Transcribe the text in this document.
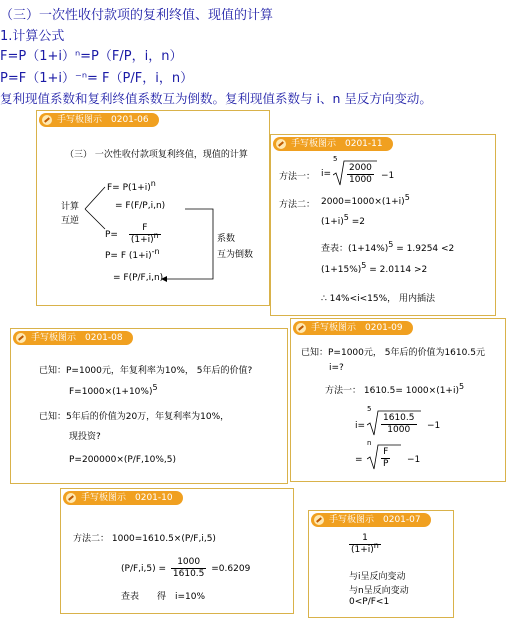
（三）一次性收付款项的复利终值、现值的计算
1.计算公式
F=P（1+i）ⁿ=P（F/P，i，n）
P=F（1+i）⁻ⁿ= F（P/F，i，n）
复利现值系数和复利终值系数互为倒数。复利现值系数与 i、n 呈反方向变动。
手写板图示　0201-06
（三） 一次性收付款项复利终值，现值的计算
计算
互逆
F= P(1+i)n
= F(F/P,i,n)
$P= \frac{F}{(1+i)n}$
P= F (1+i)-n
= F(P/F,i,n)
系数
互为倒数
手写板图示　0201-11
方法一： i=
5
$\frac{2000}{1000} -1$
方法二： 2000=1000×(1+i)5
(1+i)5 =2
查表：(1+14%)5 = 1.9254 <2
(1+15%)5 = 2.0114 >2
∴ 14%<i<15%， 用内插法
手写板图示　0201-08
已知：P=1000元，年复利率为10%， 5年后的价值?
F=1000×(1+10%)5
已知：5年后的价值为20万，年复利率为10%，
现投资?
P=200000×(P/F,10%,5)
手写板图示　0201-09
已知：P=1000元， 5年后的价值为1610.5元
i=?
方法一： 1610.5= 1000×(1+i)5
i=
5
$\frac{1610.5}{1000} -1$
=
n
$\frac{F}{P} -1$
手写板图示　0201-10
方法二： 1000=1610.5×(P/F,i,5)
$(P/F,i,5) = \frac{1000}{1610.5} =0.6209$
查表　　得　i=10%
手写板图示　0201-07
$\frac{1}{(1+i)n}$
与i呈反向变动
与n呈反向变动
0<P/F<1
